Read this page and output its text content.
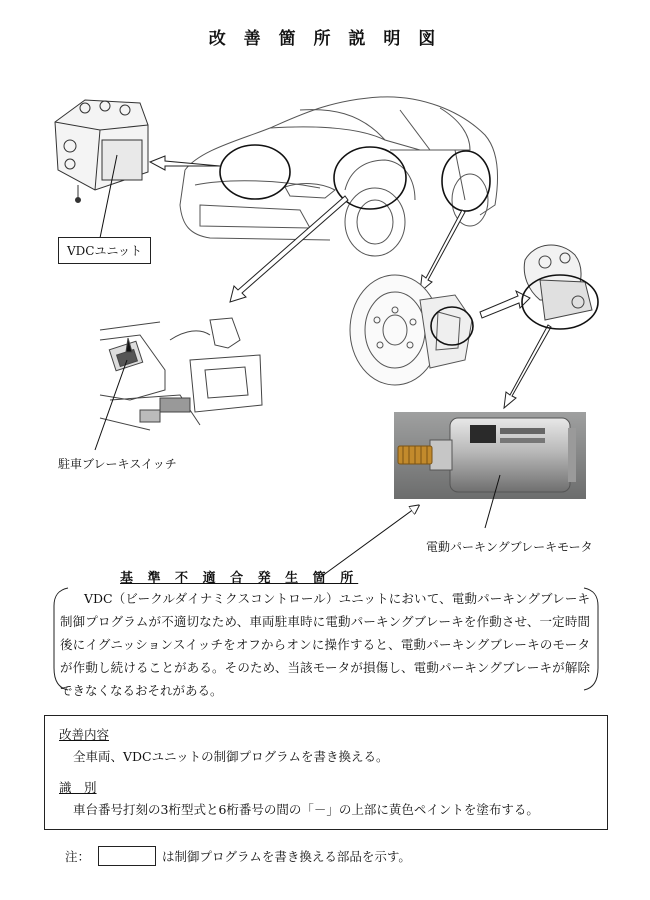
改 善 箇 所 説 明 図
VDCユニット
駐車ブレーキスイッチ
電動パーキングブレーキモータ
基 準 不 適 合 発 生 箇 所
VDC（ビークルダイナミクスコントロール）ユニットにおいて、電動パーキングブレーキ制御プログラムが不適切なため、車両駐車時に電動パーキングブレーキを作動させ、一定時間後にイグニッションスイッチをオフからオンに操作すると、電動パーキングブレーキのモータが作動し続けることがある。そのため、当該モータが損傷し、電動パーキングブレーキが解除できなくなるおそれがある。
改善内容
全車両、VDCユニットの制御プログラムを書き換える。
識　別
車台番号打刻の3桁型式と6桁番号の間の「－」の上部に黄色ペイントを塗布する。
注：	は制御プログラムを書き換える部品を示す。
